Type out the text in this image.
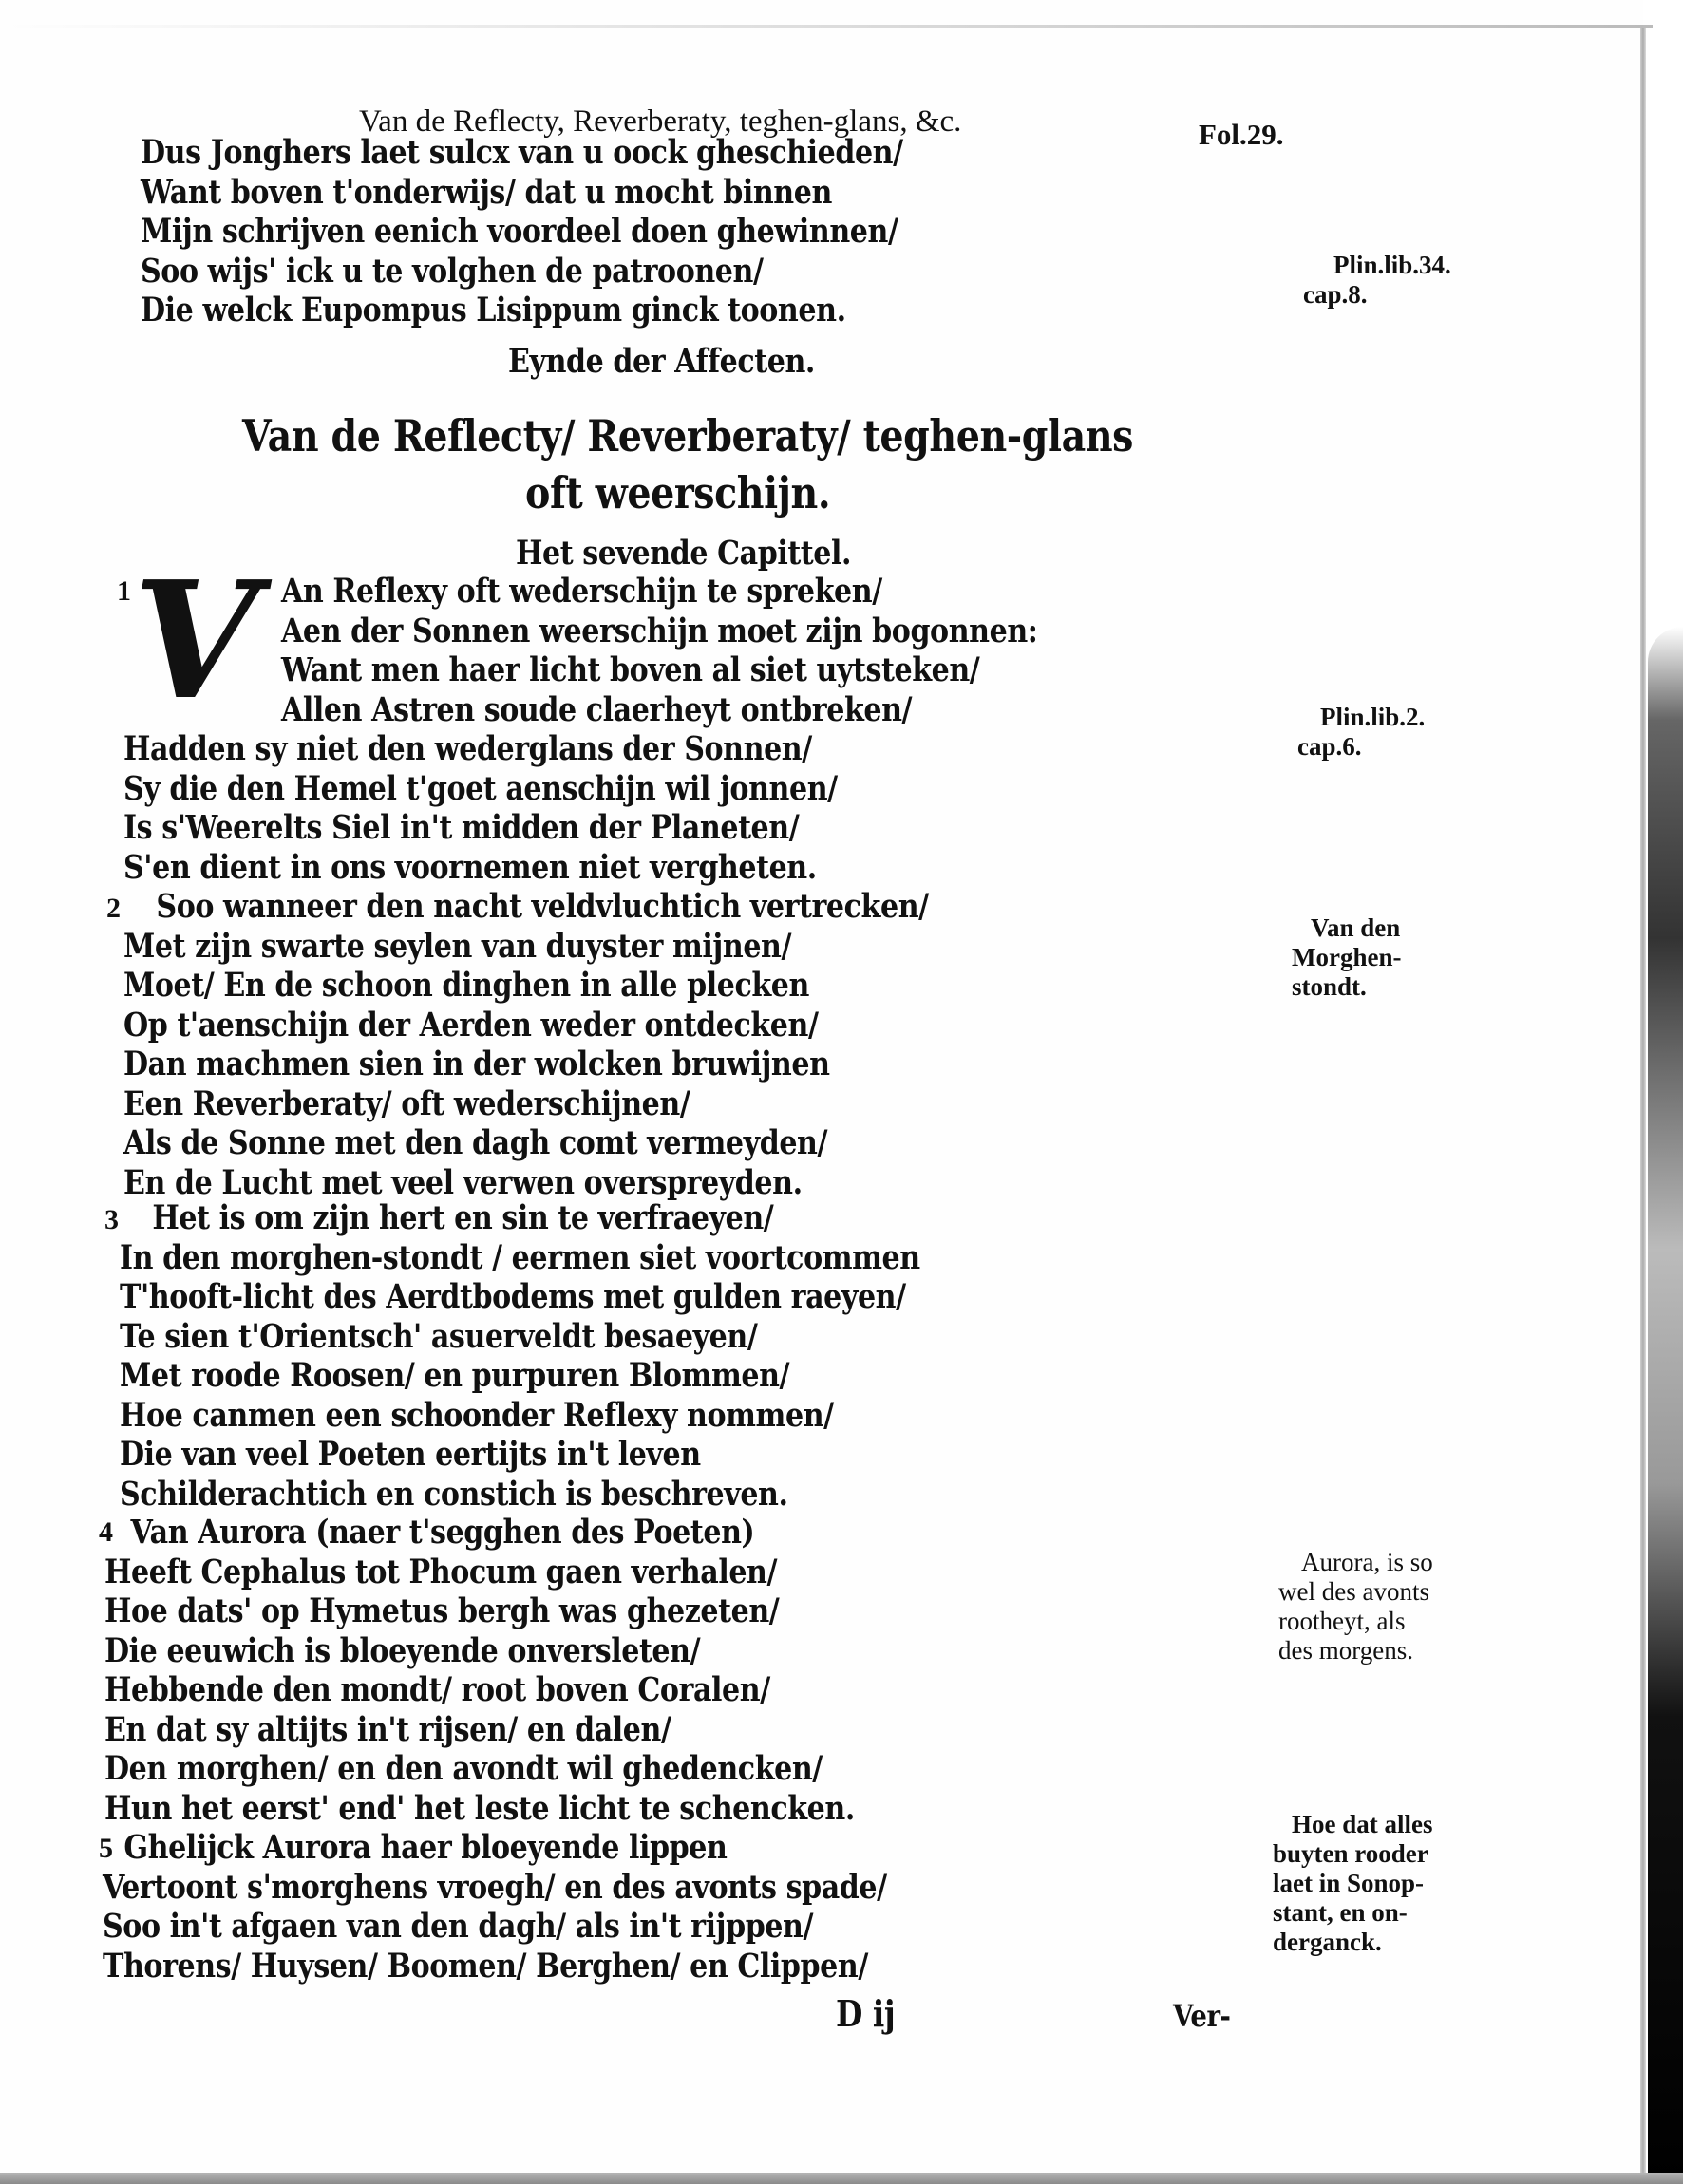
Van de Reflecty, Reverberaty, teghen-glans, &c.	Fol.29.
Dus Jonghers laet sulcx van u oock gheschieden/
Want boven t'onderwijs/ dat u mocht binnen
Mijn schrijven eenich voordeel doen ghewinnen/
Soo wijs' ick u te volghen de patroonen/
Die welck Eupompus Lisippum ginck toonen.
Eynde der Affecten.
Van de Reflecty/ Reverberaty/ teghen-glans
oft weerschijn.
Het sevende Capittel.
V
1	An Reflexy oft wederschijn te spreken/
Aen der Sonnen weerschijn moet zijn bogonnen:
Want men haer licht boven al siet uytsteken/
Allen Astren soude claerheyt ontbreken/
Hadden sy niet den wederglans der Sonnen/
Sy die den Hemel t'goet aenschijn wil jonnen/
Is s'Weerelts Siel in't midden der Planeten/
S'en dient in ons voornemen niet vergheten.
2	Soo wanneer den nacht veldvluchtich vertrecken/
Met zijn swarte seylen van duyster mijnen/
Moet/ En de schoon dinghen in alle plecken
Op t'aenschijn der Aerden weder ontdecken/
Dan machmen sien in der wolcken bruwijnen
Een Reverberaty/ oft wederschijnen/
Als de Sonne met den dagh comt vermeyden/
En de Lucht met veel verwen overspreyden.
3	Het is om zijn hert en sin te verfraeyen/
In den morghen-stondt / eermen siet voortcommen
T'hooft-licht des Aerdtbodems met gulden raeyen/
Te sien t'Orientsch' asuerveldt besaeyen/
Met roode Roosen/ en purpuren Blommen/
Hoe canmen een schoonder Reflexy nommen/
Die van veel Poeten eertijts in't leven
Schilderachtich en constich is beschreven.
4 Van Aurora (naer t'segghen des Poeten)
Heeft Cephalus tot Phocum gaen verhalen/
Hoe dats' op Hymetus bergh was ghezeten/
Die eeuwich is bloeyende onversleten/
Hebbende den mondt/ root boven Coralen/
En dat sy altijts in't rijsen/ en dalen/
Den morghen/ en den avondt wil ghedencken/
Hun het eerst' end' het leste licht te schencken.
5 Ghelijck Aurora haer bloeyende lippen
Vertoont s'morghens vroegh/ en des avonts spade/
Soo in't afgaen van den dagh/ als in't rijppen/
Thorens/ Huysen/ Boomen/ Berghen/ en Clippen/
Plin.lib.34.
cap.8.
Plin.lib.2.
cap.6.
Van den
Morghen-
stondt.
Aurora, is so
wel des avonts
rootheyt, als
des morgens.
Hoe dat alles
buyten rooder
laet in Sonop-
stant, en on-
derganck.
D ij	Ver-
